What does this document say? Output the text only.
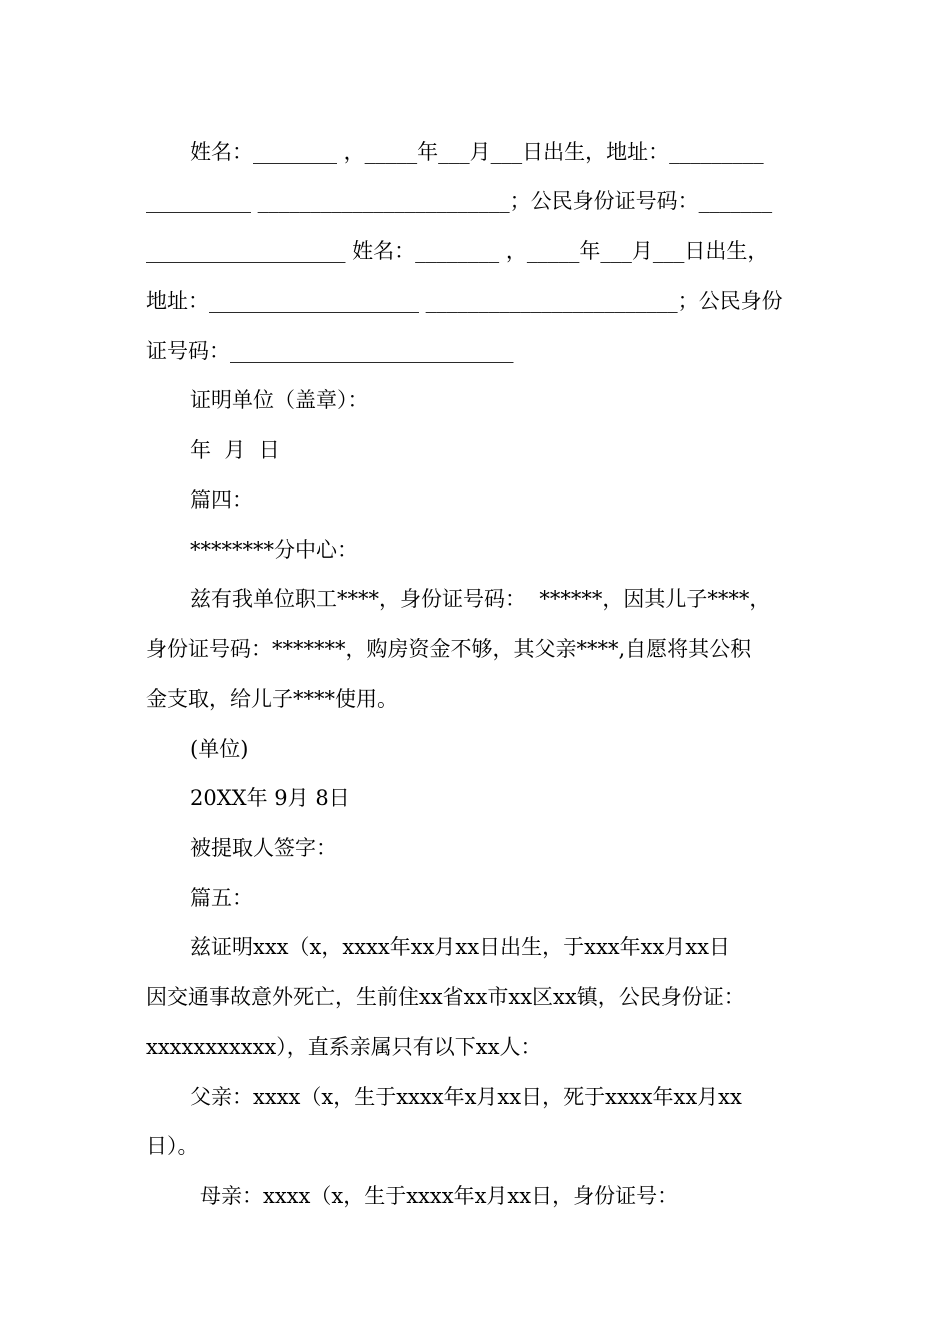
姓名：________ ，_____年___月___日出生，地址：_________
__________ ________________________；公民身份证号码：_______
___________________ 姓名：________ ，_____年___月___日出生，
地址：____________________ ________________________；公民身份
证号码：___________________________
证明单位（盖章）：
年  月  日
篇四：
********分中心：
兹有我单位职工****，身份证号码：  ******，因其儿子****，
身份证号码：*******，购房资金不够，其父亲****,自愿将其公积
金支取，给儿子****使用。
(单位)
20XX年 9月 8日
被提取人签字：
篇五：
兹证明xxx（x，xxxx年xx月xx日出生，于xxx年xx月xx日
因交通事故意外死亡，生前住xx省xx市xx区xx镇，公民身份证：
xxxxxxxxxxx），直系亲属只有以下xx人：
父亲：xxxx（x，生于xxxx年x月xx日，死于xxxx年xx月xx
日）。
母亲：xxxx（x，生于xxxx年x月xx日，身份证号：
